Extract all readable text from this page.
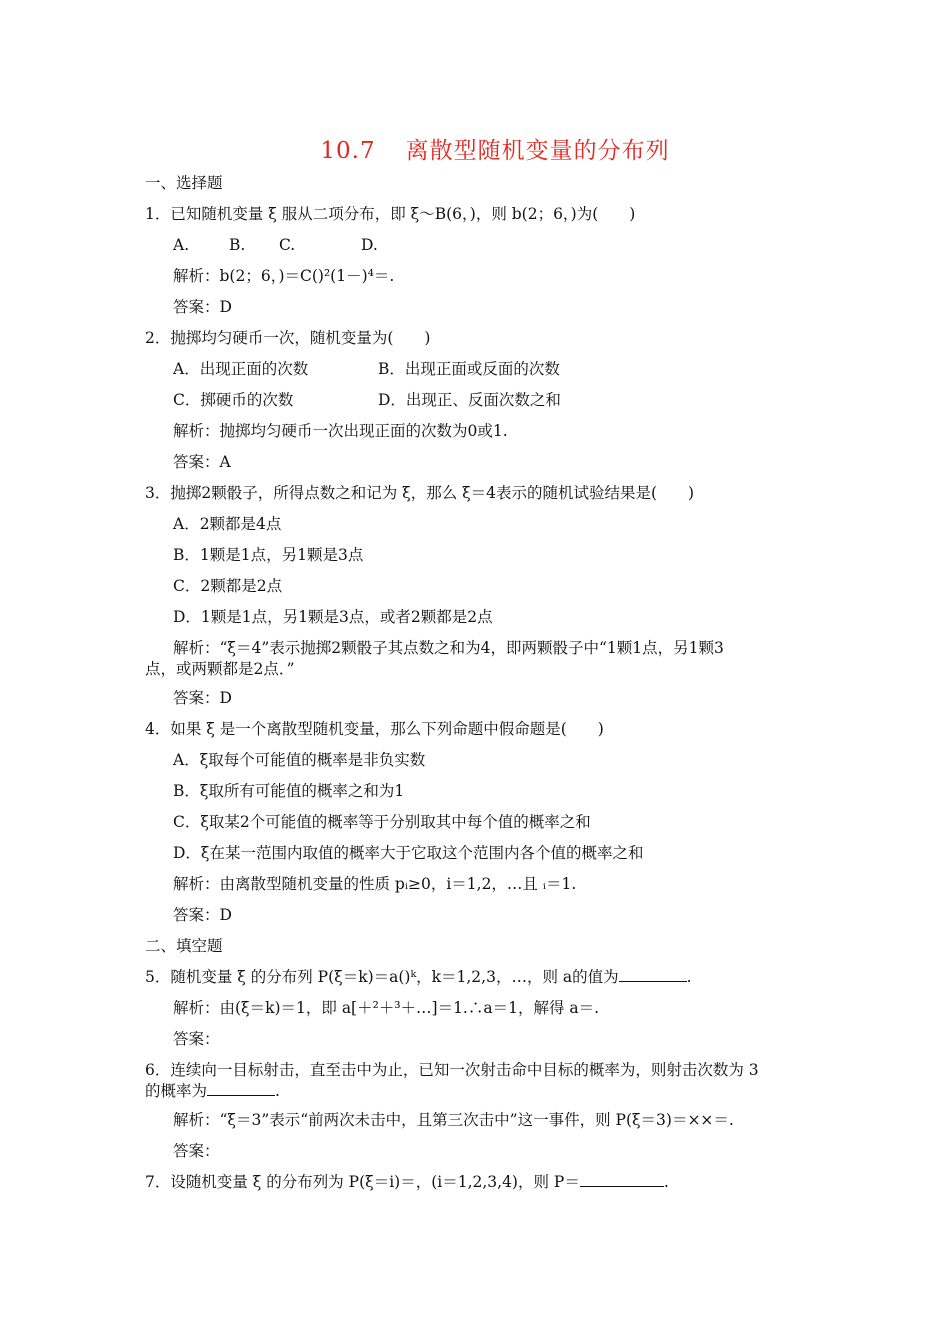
10.7 离散型随机变量的分布列
一、选择题
1．已知随机变量 ξ 服从二项分布，即 ξ～B(6，)，则 b(2；6，)为(　　)
A.	B. C.	D.
解析：b(2；6，)＝C()²(1－)⁴＝.
答案：D
2．抛掷均匀硬币一次，随机变量为(　　)
A．出现正面的次数	B．出现正面或反面的次数
C．掷硬币的次数	D．出现正、反面次数之和
解析：抛掷均匀硬币一次出现正面的次数为0或1.
答案：A
3．抛掷2颗骰子，所得点数之和记为 ξ，那么 ξ＝4表示的随机试验结果是(　　)
A．2颗都是4点
B．1颗是1点，另1颗是3点
C．2颗都是2点
D．1颗是1点，另1颗是3点，或者2颗都是2点
解析：“ξ＝4”表示抛掷2颗骰子其点数之和为4，即两颗骰子中“1颗1点，另1颗3
点，或两颗都是2点．”
答案：D
4．如果 ξ 是一个离散型随机变量，那么下列命题中假命题是(　　)
A．ξ取每个可能值的概率是非负实数
B．ξ取所有可能值的概率之和为1
C．ξ取某2个可能值的概率等于分别取其中每个值的概率之和
D．ξ在某一范围内取值的概率大于它取这个范围内各个值的概率之和
解析：由离散型随机变量的性质 pᵢ≥0，i＝1,2，…且 ᵢ＝1.
答案：D
二、填空题
5．随机变量 ξ 的分布列 P(ξ＝k)＝a()ᵏ，k＝1,2,3，…，则 a的值为	.
解析：由(ξ＝k)＝1，即 a[＋²＋³＋…]＝1.∴a＝1，解得 a＝.
答案：
6．连续向一目标射击，直至击中为止，已知一次射击命中目标的概率为，则射击次数为 3
的概率为	.
解析：“ξ＝3”表示“前两次未击中，且第三次击中”这一事件，则 P(ξ＝3)＝××＝.
答案：
7．设随机变量 ξ 的分布列为 P(ξ＝i)＝，(i＝1,2,3,4)，则 P＝	.
